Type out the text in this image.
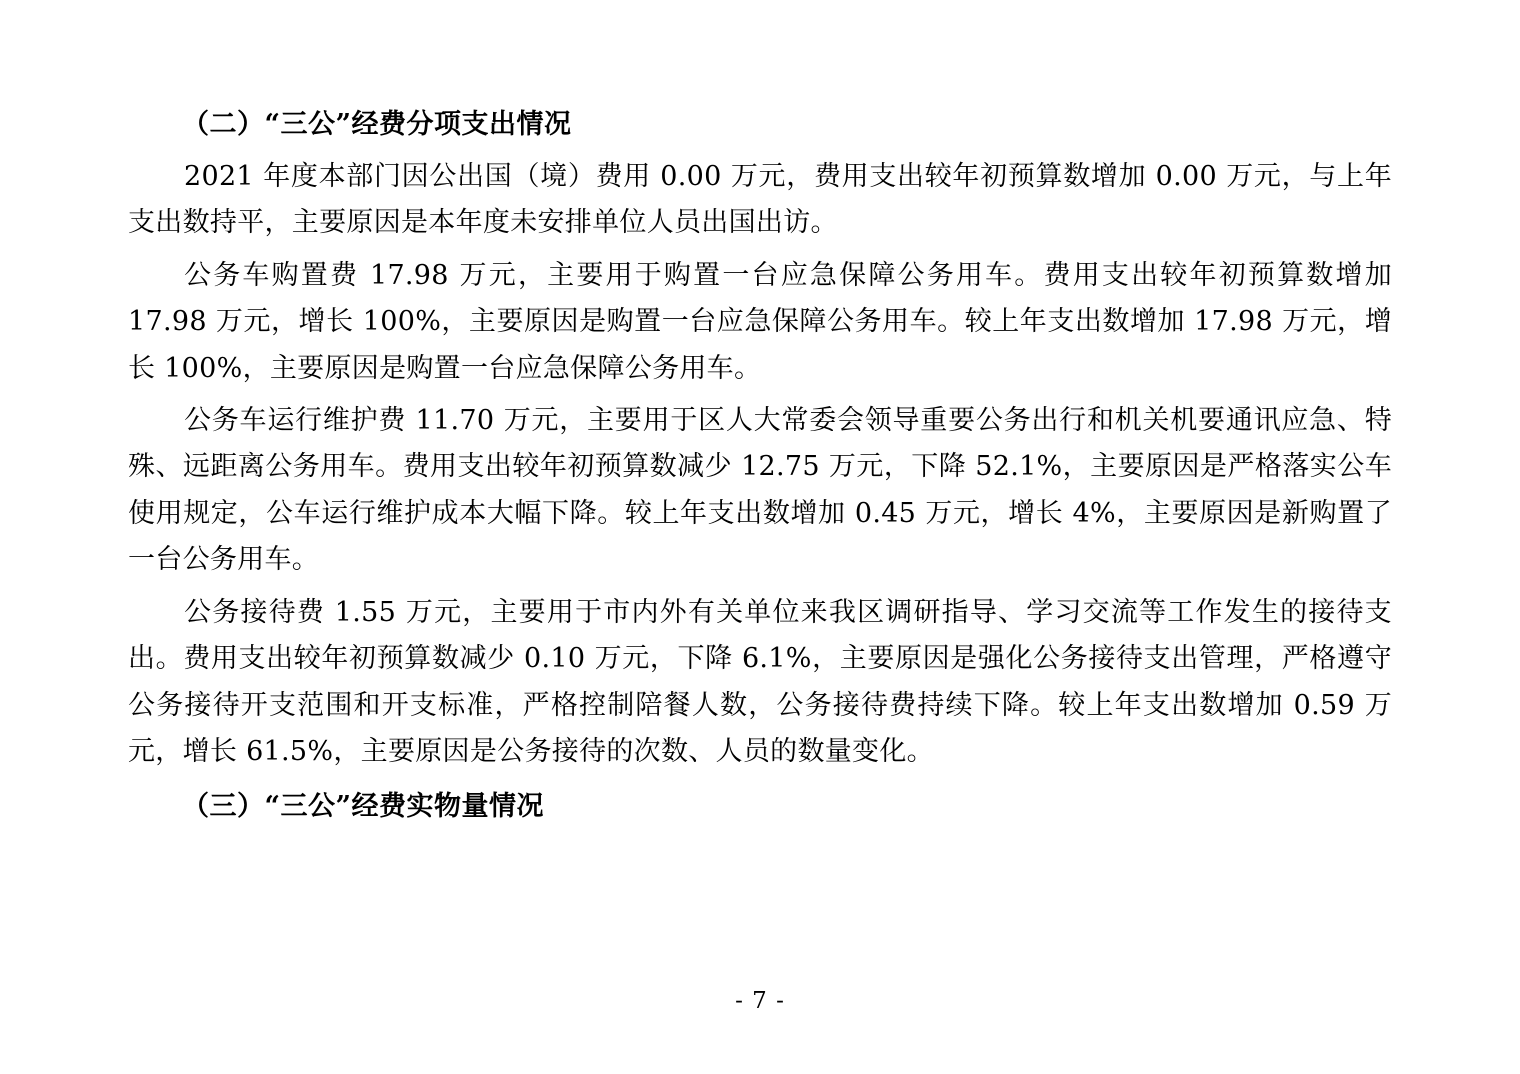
（二）“三公”经费分项支出情况
2021 年度本部门因公出国（境）费用 0.00 万元，费用支出较年初预算数增加 0.00 万元，与上年支出数持平，主要原因是本年度未安排单位人员出国出访。
公务车购置费 17.98 万元，主要用于购置一台应急保障公务用车。费用支出较年初预算数增加 17.98 万元，增长 100%，主要原因是购置一台应急保障公务用车。较上年支出数增加 17.98 万元，增长 100%，主要原因是购置一台应急保障公务用车。
公务车运行维护费 11.70 万元，主要用于区人大常委会领导重要公务出行和机关机要通讯应急、特殊、远距离公务用车。费用支出较年初预算数减少 12.75 万元，下降 52.1%，主要原因是严格落实公车使用规定，公车运行维护成本大幅下降。较上年支出数增加 0.45 万元，增长 4%，主要原因是新购置了一台公务用车。
公务接待费 1.55 万元，主要用于市内外有关单位来我区调研指导、学习交流等工作发生的接待支出。费用支出较年初预算数减少 0.10 万元，下降 6.1%，主要原因是强化公务接待支出管理，严格遵守公务接待开支范围和开支标准，严格控制陪餐人数，公务接待费持续下降。较上年支出数增加 0.59 万元，增长 61.5%，主要原因是公务接待的次数、人员的数量变化。
（三）“三公”经费实物量情况
- 7 -
